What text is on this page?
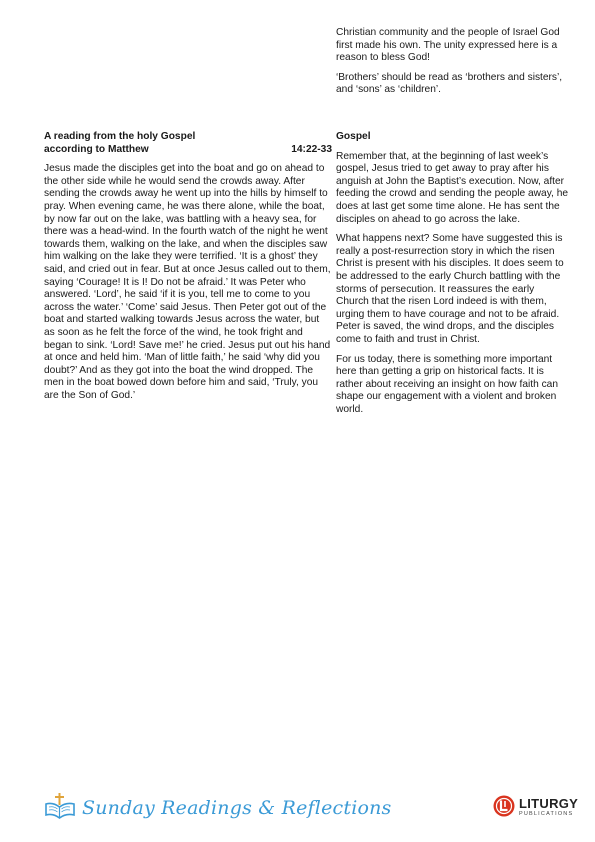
Christian community and the people of Israel God first made his own. The unity expressed here is a reason to bless God!

‘Brothers’ should be read as ‘brothers and sisters’, and ‘sons’ as ‘children’.

A reading from the holy Gospel
according to Matthew	14:22-33

Jesus made the disciples get into the boat and go on ahead to the other side while he would send the crowds away. After sending the crowds away he went up into the hills by himself to pray. When evening came, he was there alone, while the boat, by now far out on the lake, was battling with a heavy sea, for there was a head-wind. In the fourth watch of the night he went towards them, walking on the lake, and when the disciples saw him walking on the lake they were terrified. ‘It is a ghost’ they said, and cried out in fear. But at once Jesus called out to them, saying ‘Courage! It is I! Do not be afraid.’ It was Peter who answered. ‘Lord’, he said ‘if it is you, tell me to come to you across the water.’ ‘Come’ said Jesus. Then Peter got out of the boat and started walking towards Jesus across the water, but as soon as he felt the force of the wind, he took fright and began to sink. ‘Lord! Save me!’ he cried. Jesus put out his hand at once and held him. ‘Man of little faith,’ he said ‘why did you doubt?’ And as they got into the boat the wind dropped. The men in the boat bowed down before him and said, ‘Truly, you are the Son of God.’

Gospel

Remember that, at the beginning of last week’s gospel, Jesus tried to get away to pray after his anguish at John the Baptist’s execution. Now, after feeding the crowd and sending the people away, he does at last get some time alone. He has sent the disciples on ahead to go across the lake.

What happens next? Some have suggested this is really a post-resurrection story in which the risen Christ is present with his disciples. It does seem to be addressed to the early Church battling with the storms of persecution. It reassures the early Church that the risen Lord indeed is with them, urging them to have courage and not to be afraid. Peter is saved, the wind drops, and the disciples come to faith and trust in Christ.

For us today, there is something more important here than getting a grip on historical facts. It is rather about receiving an insight on how faith can shape our engagement with a violent and broken world.

Sunday Readings & Reflections	LITURGY
PUBLICATIONS
